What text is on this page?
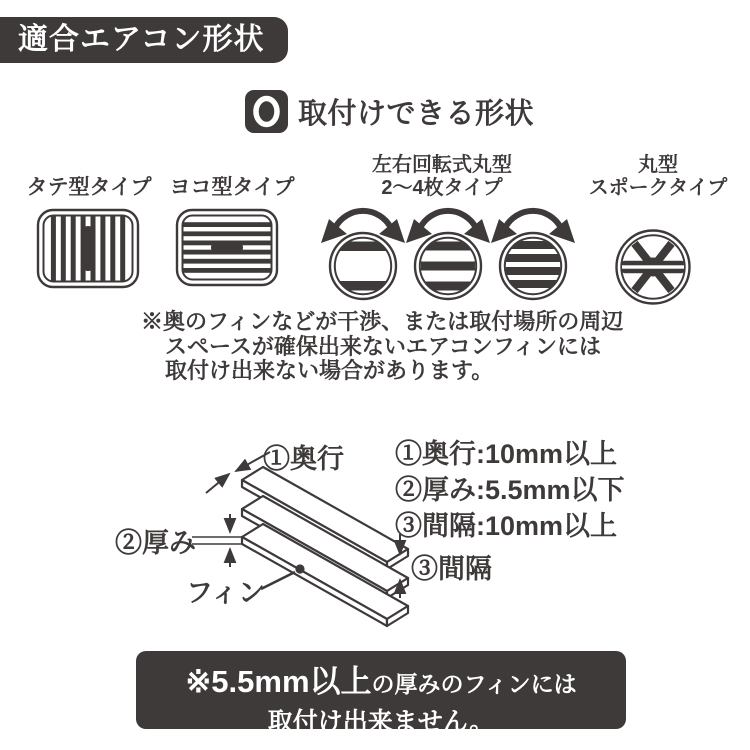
適合エアコン形状
取付けできる形状
タテ型タイプ ヨコ型タイプ
左右回転式丸型
2〜4枚タイプ
丸型
スポークタイプ
※奥のフィンなどが干渉、または取付場所の周辺
スペースが確保出来ないエアコンフィンには
取付け出来ない場合があります。
①奥行
②厚み
フィン
③間隔
①奥行:10mm以上
②厚み:5.5mm以下
③間隔:10mm以上
※5.5mm以上の厚みのフィンには
取付け出来ません。
